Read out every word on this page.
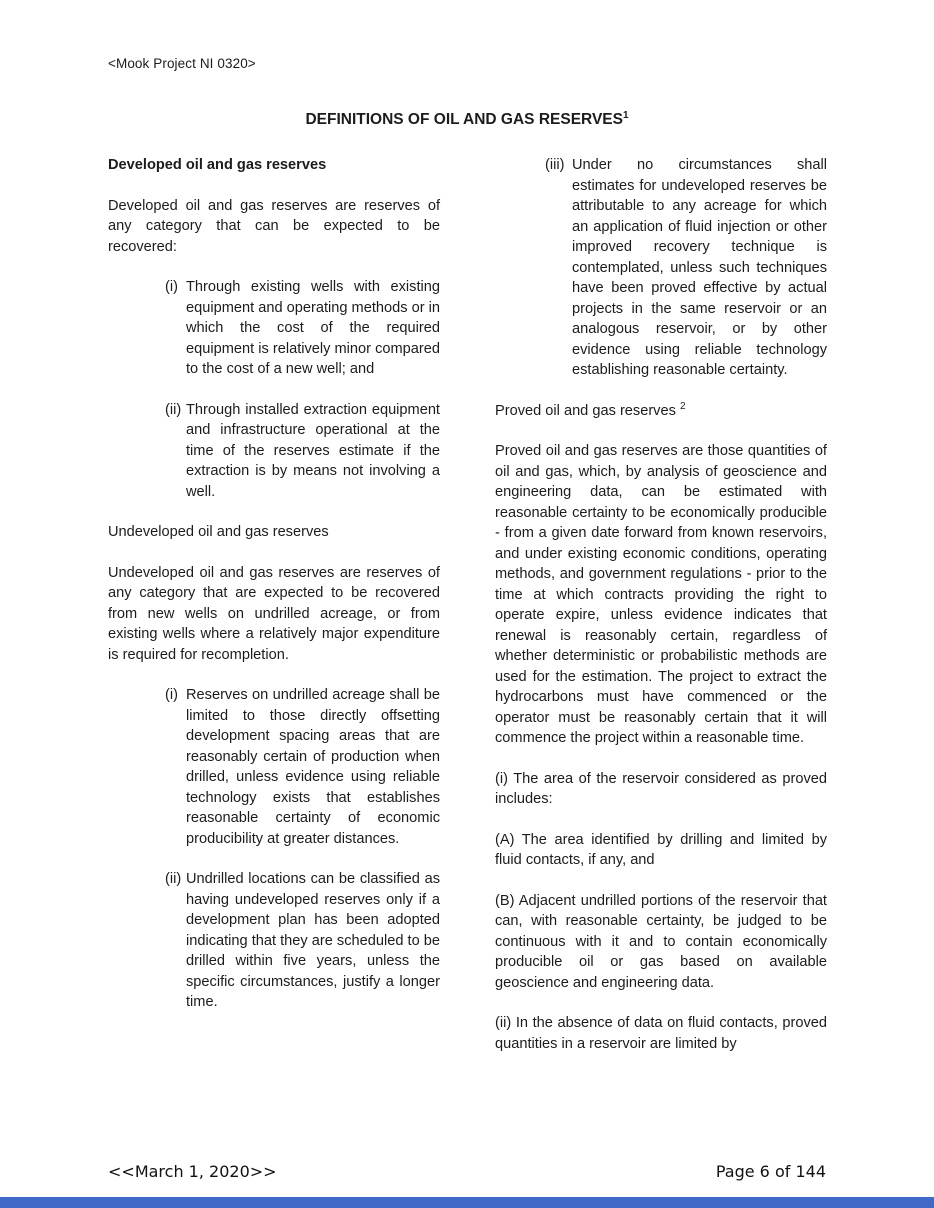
<Mook Project NI 0320>
DEFINITIONS OF OIL AND GAS RESERVES$^1$
Developed oil and gas reserves

Developed oil and gas reserves are reserves of any category that can be expected to be recovered:

(i) Through existing wells with existing equipment and operating methods or in which the cost of the required equipment is relatively minor compared to the cost of a new well; and
(ii) Through installed extraction equipment and infrastructure operational at the time of the reserves estimate if the extraction is by means not involving a well.
Undeveloped oil and gas reserves

Undeveloped oil and gas reserves are reserves of any category that are expected to be recovered from new wells on undrilled acreage, or from existing wells where a relatively major expenditure is required for recompletion.

(i) Reserves on undrilled acreage shall be limited to those directly offsetting development spacing areas that are reasonably certain of production when drilled, unless evidence using reliable technology exists that establishes reasonable certainty of economic producibility at greater distances.
(ii) Undrilled locations can be classified as having undeveloped reserves only if a development plan has been adopted indicating that they are scheduled to be drilled within five years, unless the specific circumstances, justify a longer time.
(iii) Under no circumstances shall estimates for undeveloped reserves be attributable to any acreage for which an application of fluid injection or other improved recovery technique is contemplated, unless such techniques have been proved effective by actual projects in the same reservoir or an analogous reservoir, or by other evidence using reliable technology establishing reasonable certainty.
Proved oil and gas reserves $^2$

Proved oil and gas reserves are those quantities of oil and gas, which, by analysis of geoscience and engineering data, can be estimated with reasonable certainty to be economically producible - from a given date forward from known reservoirs, and under existing economic conditions, operating methods, and government regulations - prior to the time at which contracts providing the right to operate expire, unless evidence indicates that renewal is reasonably certain, regardless of whether deterministic or probabilistic methods are used for the estimation. The project to extract the hydrocarbons must have commenced or the operator must be reasonably certain that it will commence the project within a reasonable time.

(i) The area of the reservoir considered as proved includes:

(A) The area identified by drilling and limited by fluid contacts, if any, and

(B) Adjacent undrilled portions of the reservoir that can, with reasonable certainty, be judged to be continuous with it and to contain economically producible oil or gas based on available geoscience and engineering data.

(ii) In the absence of data on fluid contacts, proved quantities in a reservoir are limited by

<<March 1, 2020>>	Page 6 of 144
